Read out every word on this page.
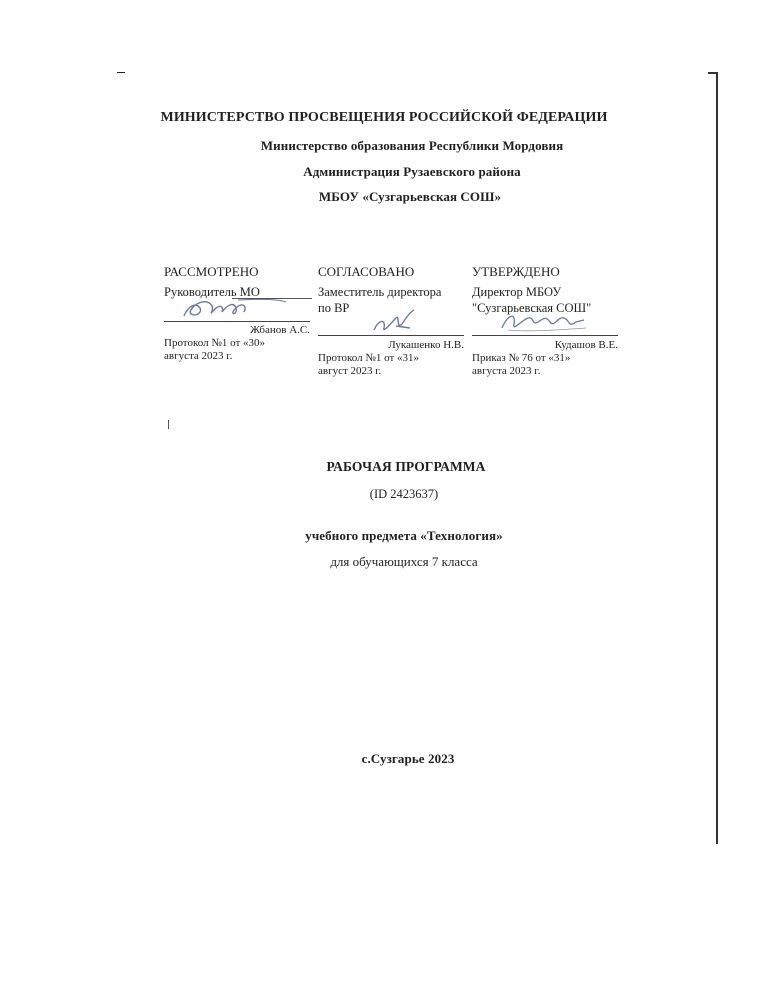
МИНИСТЕРСТВО ПРОСВЕЩЕНИЯ РОССИЙСКОЙ ФЕДЕРАЦИИ
Министерство образования Республики Мордовия
Администрация Рузаевского района
МБОУ «Сузгарьевская СОШ»
РАССМОТРЕНО
Руководитель МО
Жбанов А.С.
Протокол №1 от «30»
августа 2023 г.
СОГЛАСОВАНО
Заместитель директора
по ВР
Лукашенко Н.В.
Протокол №1 от «31»
август 2023 г.
УТВЕРЖДЕНО
Директор МБОУ
"Сузгарьевская СОШ"
Кудашов В.Е.
Приказ № 76 от «31»
августа 2023 г.
РАБОЧАЯ ПРОГРАММА
(ID 2423637)
учебного предмета «Технология»
для обучающихся 7 класса
с.Сузгарье 2023
